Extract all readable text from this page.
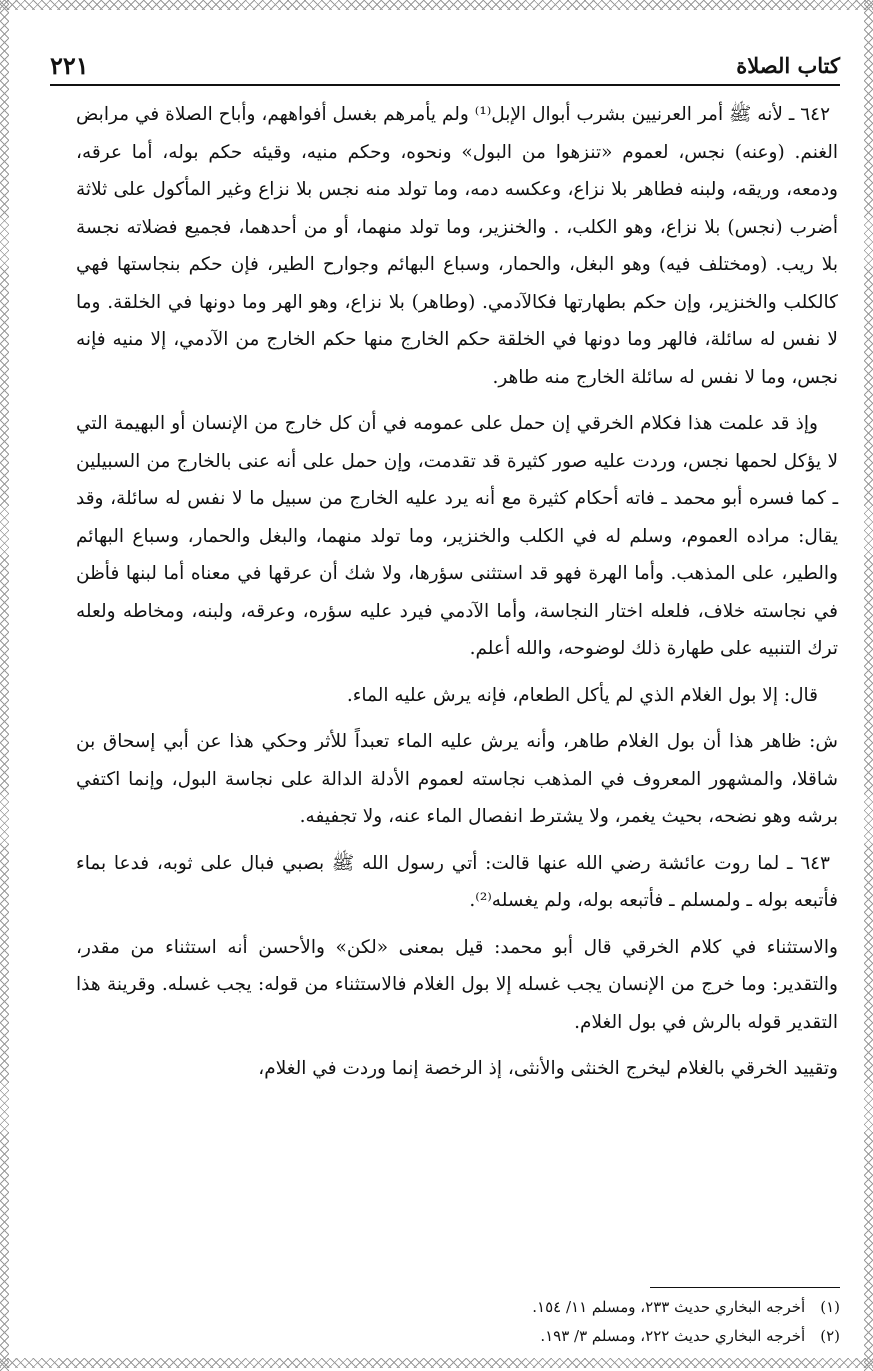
كتاب الصلاة
٢٢١

٦٤٢ ـ لأنه ﷺ أمر العرنيين بشرب أبوال الإبل⁽¹⁾ ولم يأمرهم بغسل أفواههم، وأباح الصلاة في مرابض الغنم. (وعنه) نجس، لعموم «تنزهوا من البول» ونحوه، وحكم منيه، وقيئه حكم بوله، أما عرقه، ودمعه، وريقه، ولبنه فطاهر بلا نزاع، وعكسه دمه، وما تولد منه نجس بلا نزاع وغير المأكول على ثلاثة أضرب (نجس) بلا نزاع، وهو الكلب، . والخنزير، وما تولد منهما، أو من أحدهما، فجميع فضلاته نجسة بلا ريب. (ومختلف فيه) وهو البغل، والحمار، وسباع البهائم وجوارح الطير، فإن حكم بنجاستها فهي كالكلب والخنزير، وإن حكم بطهارتها فكالآدمي. (وطاهر) بلا نزاع، وهو الهر وما دونها في الخلقة. وما لا نفس له سائلة، فالهر وما دونها في الخلقة حكم الخارج منها حكم الخارج من الآدمي، إلا منيه فإنه نجس، وما لا نفس له سائلة الخارج منه طاهر.

وإذ قد علمت هذا فكلام الخرقي إن حمل على عمومه في أن كل خارج من الإنسان أو البهيمة التي لا يؤكل لحمها نجس، وردت عليه صور كثيرة قد تقدمت، وإن حمل على أنه عنى بالخارج من السبيلين ـ كما فسره أبو محمد ـ فاته أحكام كثيرة مع أنه يرد عليه الخارج من سبيل ما لا نفس له سائلة، وقد يقال: مراده العموم، وسلم له في الكلب والخنزير، وما تولد منهما، والبغل والحمار، وسباع البهائم والطير، على المذهب. وأما الهرة فهو قد استثنى سؤرها، ولا شك أن عرقها في معناه أما لبنها فأظن في نجاسته خلاف، فلعله اختار النجاسة، وأما الآدمي فيرد عليه سؤره، وعرقه، ولبنه، ومخاطه ولعله ترك التنبيه على طهارة ذلك لوضوحه، والله أعلم.

قال: إلا بول الغلام الذي لم يأكل الطعام، فإنه يرش عليه الماء.

ش: ظاهر هذا أن بول الغلام طاهر، وأنه يرش عليه الماء تعبداً للأثر وحكي هذا عن أبي إسحاق بن شاقلا، والمشهور المعروف في المذهب نجاسته لعموم الأدلة الدالة على نجاسة البول، وإنما اكتفي برشه وهو نضحه، بحيث يغمر، ولا يشترط انفصال الماء عنه، ولا تجفيفه.

٦٤٣ ـ لما روت عائشة رضي الله عنها قالت: أتي رسول الله ﷺ بصبي فبال على ثوبه، فدعا بماء فأتبعه بوله ـ ولمسلم ـ فأتبعه بوله، ولم يغسله⁽²⁾.

والاستثناء في كلام الخرقي قال أبو محمد: قيل بمعنى «لكن» والأحسن أنه استثناء من مقدر، والتقدير: وما خرج من الإنسان يجب غسله إلا بول الغلام فالاستثناء من قوله: يجب غسله. وقرينة هذا التقدير قوله بالرش في بول الغلام.

وتقييد الخرقي بالغلام ليخرج الخنثى والأنثى، إذ الرخصة إنما وردت في الغلام،

(١) أخرجه البخاري حديث ٢٣٣، ومسلم ١١/ ١٥٤.
(٢) أخرجه البخاري حديث ٢٢٢، ومسلم ٣/ ١٩٣.
